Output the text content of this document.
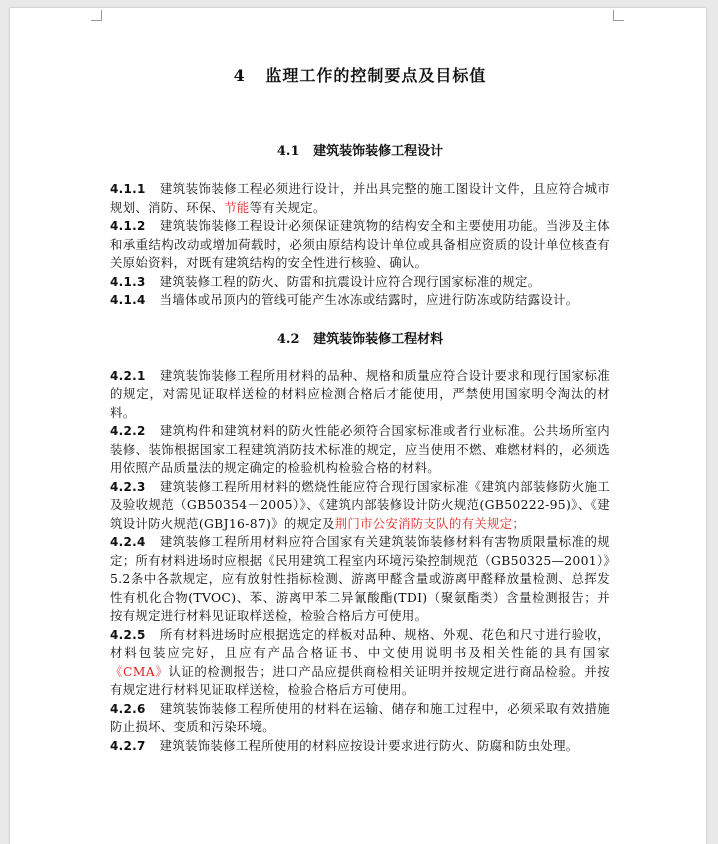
4 监理工作的控制要点及目标值
4.1 建筑装饰装修工程设计

4.1.1 建筑装饰装修工程必须进行设计，并出具完整的施工图设计文件，且应符合城市规划、消防、环保、节能等有关规定。

4.1.2 建筑装饰装修工程设计必须保证建筑物的结构安全和主要使用功能。当涉及主体和承重结构改动或增加荷载时，必须由原结构设计单位或具备相应资质的设计单位核查有关原始资料，对既有建筑结构的安全性进行核验、确认。

4.1.3 建筑装修工程的防火、防雷和抗震设计应符合现行国家标准的规定。

4.1.4 当墙体或吊顶内的管线可能产生冰冻或结露时，应进行防冻或防结露设计。

4.2 建筑装饰装修工程材料

4.2.1 建筑装饰装修工程所用材料的品种、规格和质量应符合设计要求和现行国家标准的规定，对需见证取样送检的材料应检测合格后才能使用，严禁使用国家明令淘汰的材料。

4.2.2 建筑构件和建筑材料的防火性能必须符合国家标准或者行业标准。公共场所室内装修、装饰根据国家工程建筑消防技术标准的规定，应当使用不燃、难燃材料的，必须选用依照产品质量法的规定确定的检验机构检验合格的材料。

4.2.3 建筑装修工程所用材料的燃烧性能应符合现行国家标准《建筑内部装修防火施工及验收规范（GB50354－2005）》、《建筑内部装修设计防火规范(GB50222-95)》、《建筑设计防火规范(GBJ16-87)》的规定及荆门市公安消防支队的有关规定；

4.2.4 建筑装修工程所用材料应符合国家有关建筑装饰装修材料有害物质限量标准的规定；所有材料进场时应根据《民用建筑工程室内环境污染控制规范（GB50325—2001）》5.2条中各款规定，应有放射性指标检测、游离甲醛含量或游离甲醛释放量检测、总挥发性有机化合物(TVOC)、苯、游离甲苯二异氰酸酯(TDI)（聚氨酯类）含量检测报告；并按有规定进行材料见证取样送检，检验合格后方可使用。

4.2.5 所有材料进场时应根据选定的样板对品种、规格、外观、花色和尺寸进行验收，材料包装应完好，且应有产品合格证书、中文使用说明书及相关性能的具有国家《CMA》认证的检测报告；进口产品应提供商检相关证明并按规定进行商品检验。并按有规定进行材料见证取样送检，检验合格后方可使用。

4.2.6 建筑装饰装修工程所使用的材料在运输、储存和施工过程中，必须采取有效措施防止损坏、变质和污染环境。

4.2.7 建筑装饰装修工程所使用的材料应按设计要求进行防火、防腐和防虫处理。
